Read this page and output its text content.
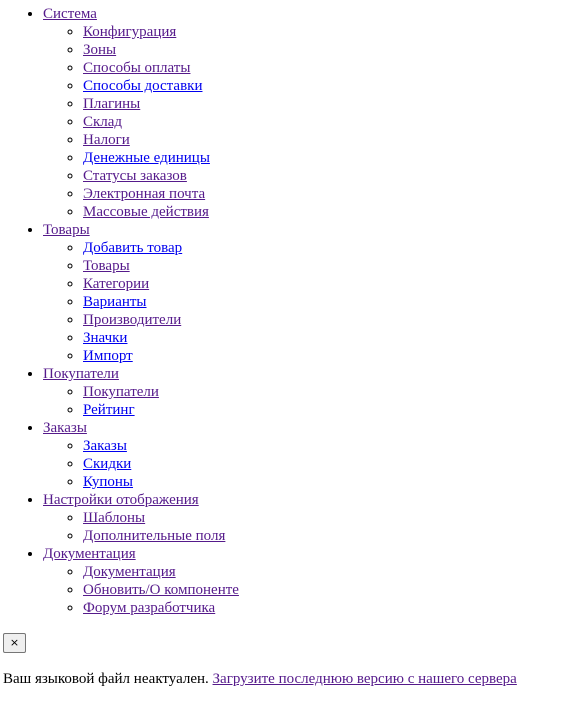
• Система
◦ Конфигурация
◦ Зоны
◦ Способы оплаты
◦ Способы доставки
◦ Плагины
◦ Склад
◦ Налоги
◦ Денежные единицы
◦ Статусы заказов
◦ Электронная почта
◦ Массовые действия
• Товары
◦ Добавить товар
◦ Товары
◦ Категории
◦ Варианты
◦ Производители
◦ Значки
◦ Импорт
• Покупатели
◦ Покупатели
◦ Рейтинг
• Заказы
◦ Заказы
◦ Скидки
◦ Купоны
• Настройки отображения
◦ Шаблоны
◦ Дополнительные поля
• Документация
◦ Документация
◦ Обновить/О компоненте
◦ Форум разработчика
×
Ваш языковой файл неактуален. Загрузите последнюю версию с нашего сервера
